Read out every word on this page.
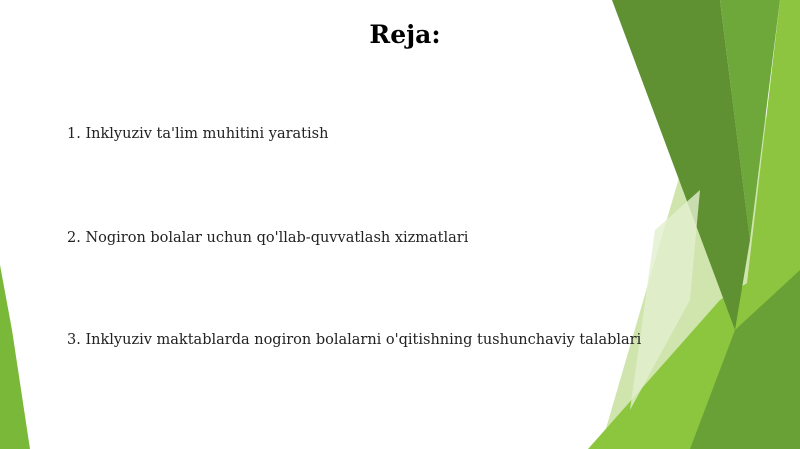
Reja:
1. Inklyuziv ta'lim muhitini yaratish
2. Nogiron bolalar uchun qo'llab-quvvatlash xizmatlari
3. Inklyuziv maktablarda nogiron bolalarni o'qitishning tushunchaviy talablari
